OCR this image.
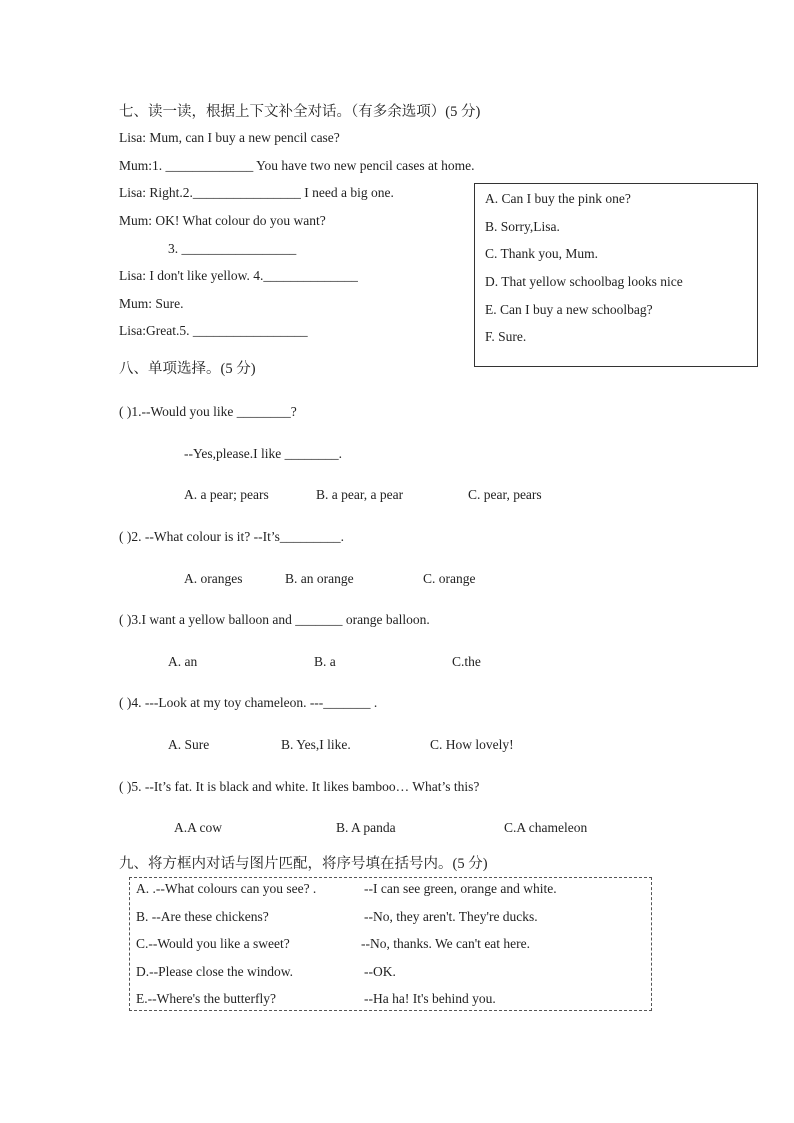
七、读一读，根据上下文补全对话。（有多余选项）(5 分)
Lisa: Mum, can I buy a new pencil case?
Mum:1. _____________ You have two new pencil cases at home.
Lisa: Right.2.________________ I need a big one.
Mum: OK! What colour do you want?
3. _________________
Lisa: I don't like yellow. 4.______________
Mum: Sure.
Lisa:Great.5. _________________
A. Can I buy the pink one?
B. Sorry,Lisa.
C. Thank you, Mum.
D. That yellow schoolbag looks nice
E. Can I buy a new schoolbag?
F. Sure.
八、单项选择。(5 分)
( )1.--Would you like ________?
--Yes,please.I like ________.
A. a pear; pears	B. a pear, a pear	C. pear, pears
( )2. --What colour is it? --It’s_________.
A. oranges	B. an orange	C. orange
( )3.I want a yellow balloon and _______ orange balloon.
A. an	B. a	C.the
( )4. ---Look at my toy chameleon. ---_______ .
A. Sure	B. Yes,I like.	C. How lovely!
( )5. --It’s fat. It is black and white. It likes bamboo… What’s this?
A.A cow	B. A panda	C.A chameleon
九、将方框内对话与图片匹配，将序号填在括号内。(5 分)
A. .--What colours can you see? .	--I can see green, orange and white.
B. --Are these chickens?	--No, they aren't. They're ducks.
C.--Would you like a sweet?	--No, thanks. We can't eat here.
D.--Please close the window.	--OK.
E.--Where's the butterfly?	--Ha ha! It's behind you.
